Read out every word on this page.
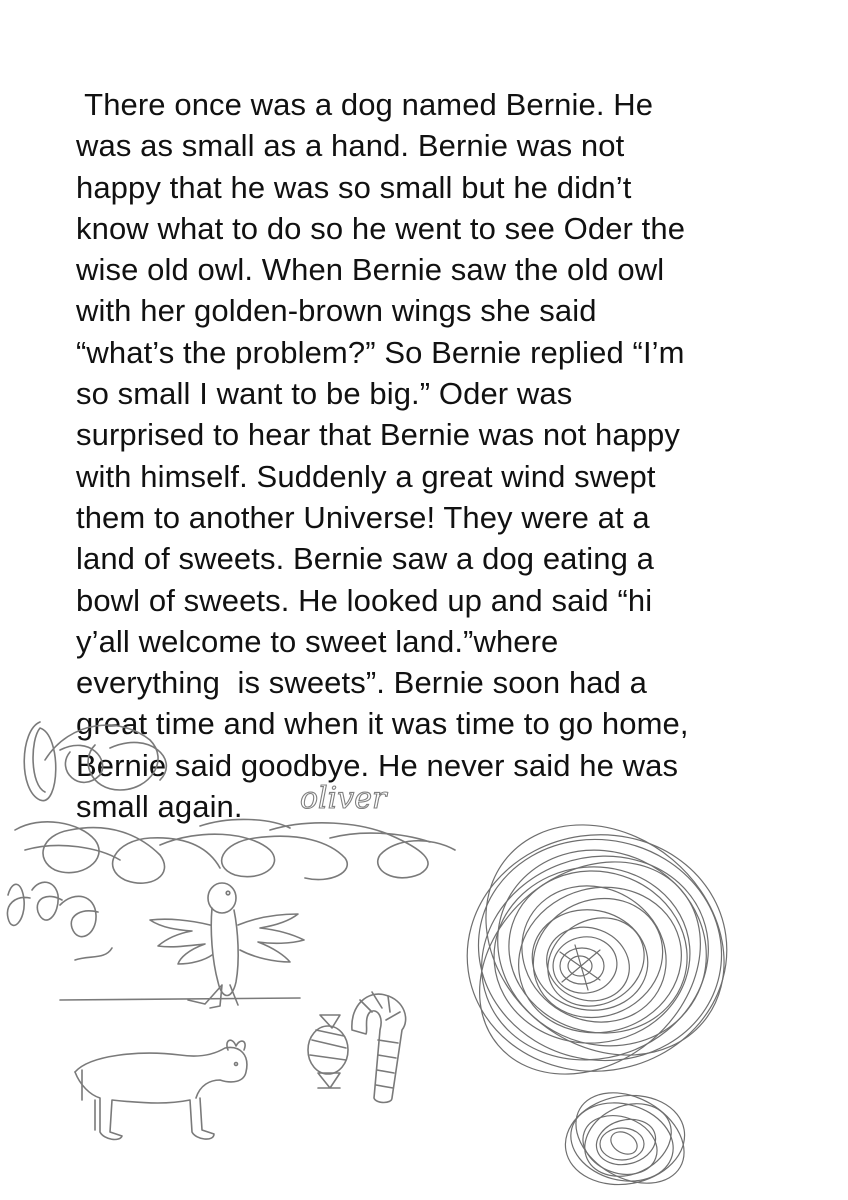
There once was a dog named Bernie. He
was as small as a hand. Bernie was not
happy that he was so small but he didn’t
know what to do so he went to see Oder the
wise old owl. When Bernie saw the old owl
with her golden-brown wings she said
“what’s the problem?” So Bernie replied “I’m
so small I want to be big.” Oder was
surprised to hear that Bernie was not happy
with himself. Suddenly a great wind swept
them to another Universe! They were at a
land of sweets. Bernie saw a dog eating a
bowl of sweets. He looked up and said “hi
y’all welcome to sweet land.”where
everything  is sweets”. Bernie soon had a
great time and when it was time to go home,
Bernie said goodbye. He never said he was
small again.	oliver
